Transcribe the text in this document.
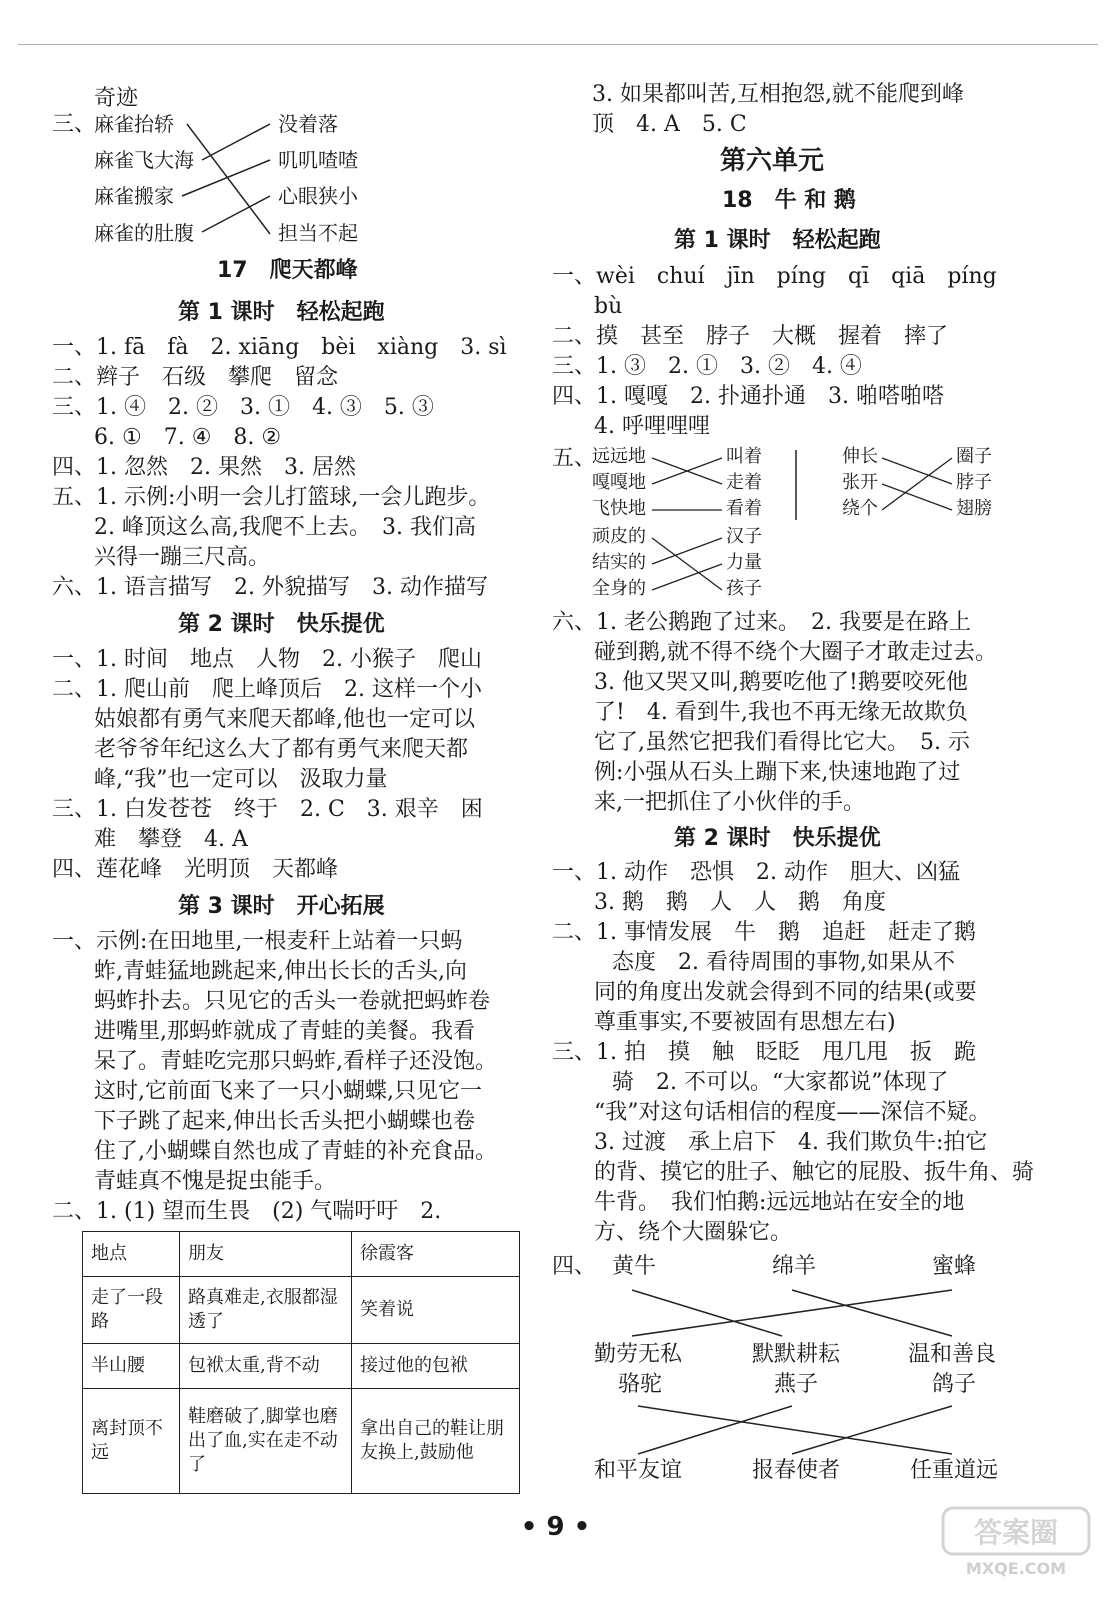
奇迹
三、
麻雀抬轿
麻雀飞大海
麻雀搬家
麻雀的肚腹
没着落
叽叽喳喳
心眼狭小
担当不起
17　爬天都峰
第 1 课时　轻松起跑
一、1. fā　fà　2. xiāng　bèi　xiàng　3. sì
二、辫子　石级　攀爬　留念
三、1. ④　2. ②　3. ①　4. ③　5. ③
6. ①　7. ④　8. ②
四、1. 忽然　2. 果然　3. 居然
五、1. 示例:小明一会儿打篮球,一会儿跑步。
2. 峰顶这么高,我爬不上去。　3. 我们高
兴得一蹦三尺高。
六、1. 语言描写　2. 外貌描写　3. 动作描写
第 2 课时　快乐提优
一、1. 时间　地点　人物　2. 小猴子　爬山
二、1. 爬山前　爬上峰顶后　2. 这样一个小
姑娘都有勇气来爬天都峰,他也一定可以
老爷爷年纪这么大了都有勇气来爬天都
峰,“我”也一定可以　汲取力量
三、1. 白发苍苍　终于　2. C　3. 艰辛　困
难　攀登　4. A
四、莲花峰　光明顶　天都峰
第 3 课时　开心拓展
一、示例:在田地里,一根麦秆上站着一只蚂
蚱,青蛙猛地跳起来,伸出长长的舌头,向
蚂蚱扑去。只见它的舌头一卷就把蚂蚱卷
进嘴里,那蚂蚱就成了青蛙的美餐。我看
呆了。青蛙吃完那只蚂蚱,看样子还没饱。
这时,它前面飞来了一只小蝴蝶,只见它一
下子跳了起来,伸出长舌头把小蝴蝶也卷
住了,小蝴蝶自然也成了青蛙的补充食品。
青蛙真不愧是捉虫能手。
二、1. (1) 望而生畏　(2) 气喘吁吁　2.
地点	朋友	徐霞客
走了一段路	路真难走,衣服都湿透了	笑着说
半山腰	包袱太重,背不动	接过他的包袱
离封顶不远	鞋磨破了,脚掌也磨出了血,实在走不动了	拿出自己的鞋让朋友换上,鼓励他
3. 如果都叫苦,互相抱怨,就不能爬到峰
顶　4. A　5. C
第六单元
18　牛 和 鹅
第 1 课时　轻松起跑
一、wèi　chuí　jīn　píng　qī　qiā　píng
bù
二、摸　甚至　脖子　大概　握着　摔了
三、1. ③　2. ①　3. ②　4. ④
四、1. 嘎嘎　2. 扑通扑通　3. 啪嗒啪嗒
4. 呼哩哩哩
五、
远远地
嘎嘎地
飞快地
叫着
走着
看着
伸长
张开
绕个
圈子
脖子
翅膀
顽皮的
结实的
全身的
汉子
力量
孩子
六、1. 老公鹅跑了过来。　2. 我要是在路上
碰到鹅,就不得不绕个大圈子才敢走过去。
3. 他又哭又叫,鹅要吃他了!鹅要咬死他
了!　4. 看到牛,我也不再无缘无故欺负
它了,虽然它把我们看得比它大。　5. 示
例:小强从石头上蹦下来,快速地跑了过
来,一把抓住了小伙伴的手。
第 2 课时　快乐提优
一、1. 动作　恐惧　2. 动作　胆大、凶猛
3. 鹅　鹅　人　人　鹅　角度
二、1. 事情发展　牛　鹅　追赶　赶走了鹅
态度　2. 看待周围的事物,如果从不
同的角度出发就会得到不同的结果(或要
尊重事实,不要被固有思想左右)
三、1. 拍　摸　触　眨眨　甩几甩　扳　跪
骑　2. 不可以。“大家都说”体现了
“我”对这句话相信的程度——深信不疑。
3. 过渡　承上启下　4. 我们欺负牛:拍它
的背、摸它的肚子、触它的屁股、扳牛角、骑
牛背。　我们怕鹅:远远地站在安全的地
方、绕个大圈躲它。
四、 黄牛	绵羊	蜜蜂
勤劳无私	默默耕耘	温和善良
骆驼	燕子	鸽子
和平友谊	报春使者	任重道远
• 9 •	答案圈
MXQE.COM
